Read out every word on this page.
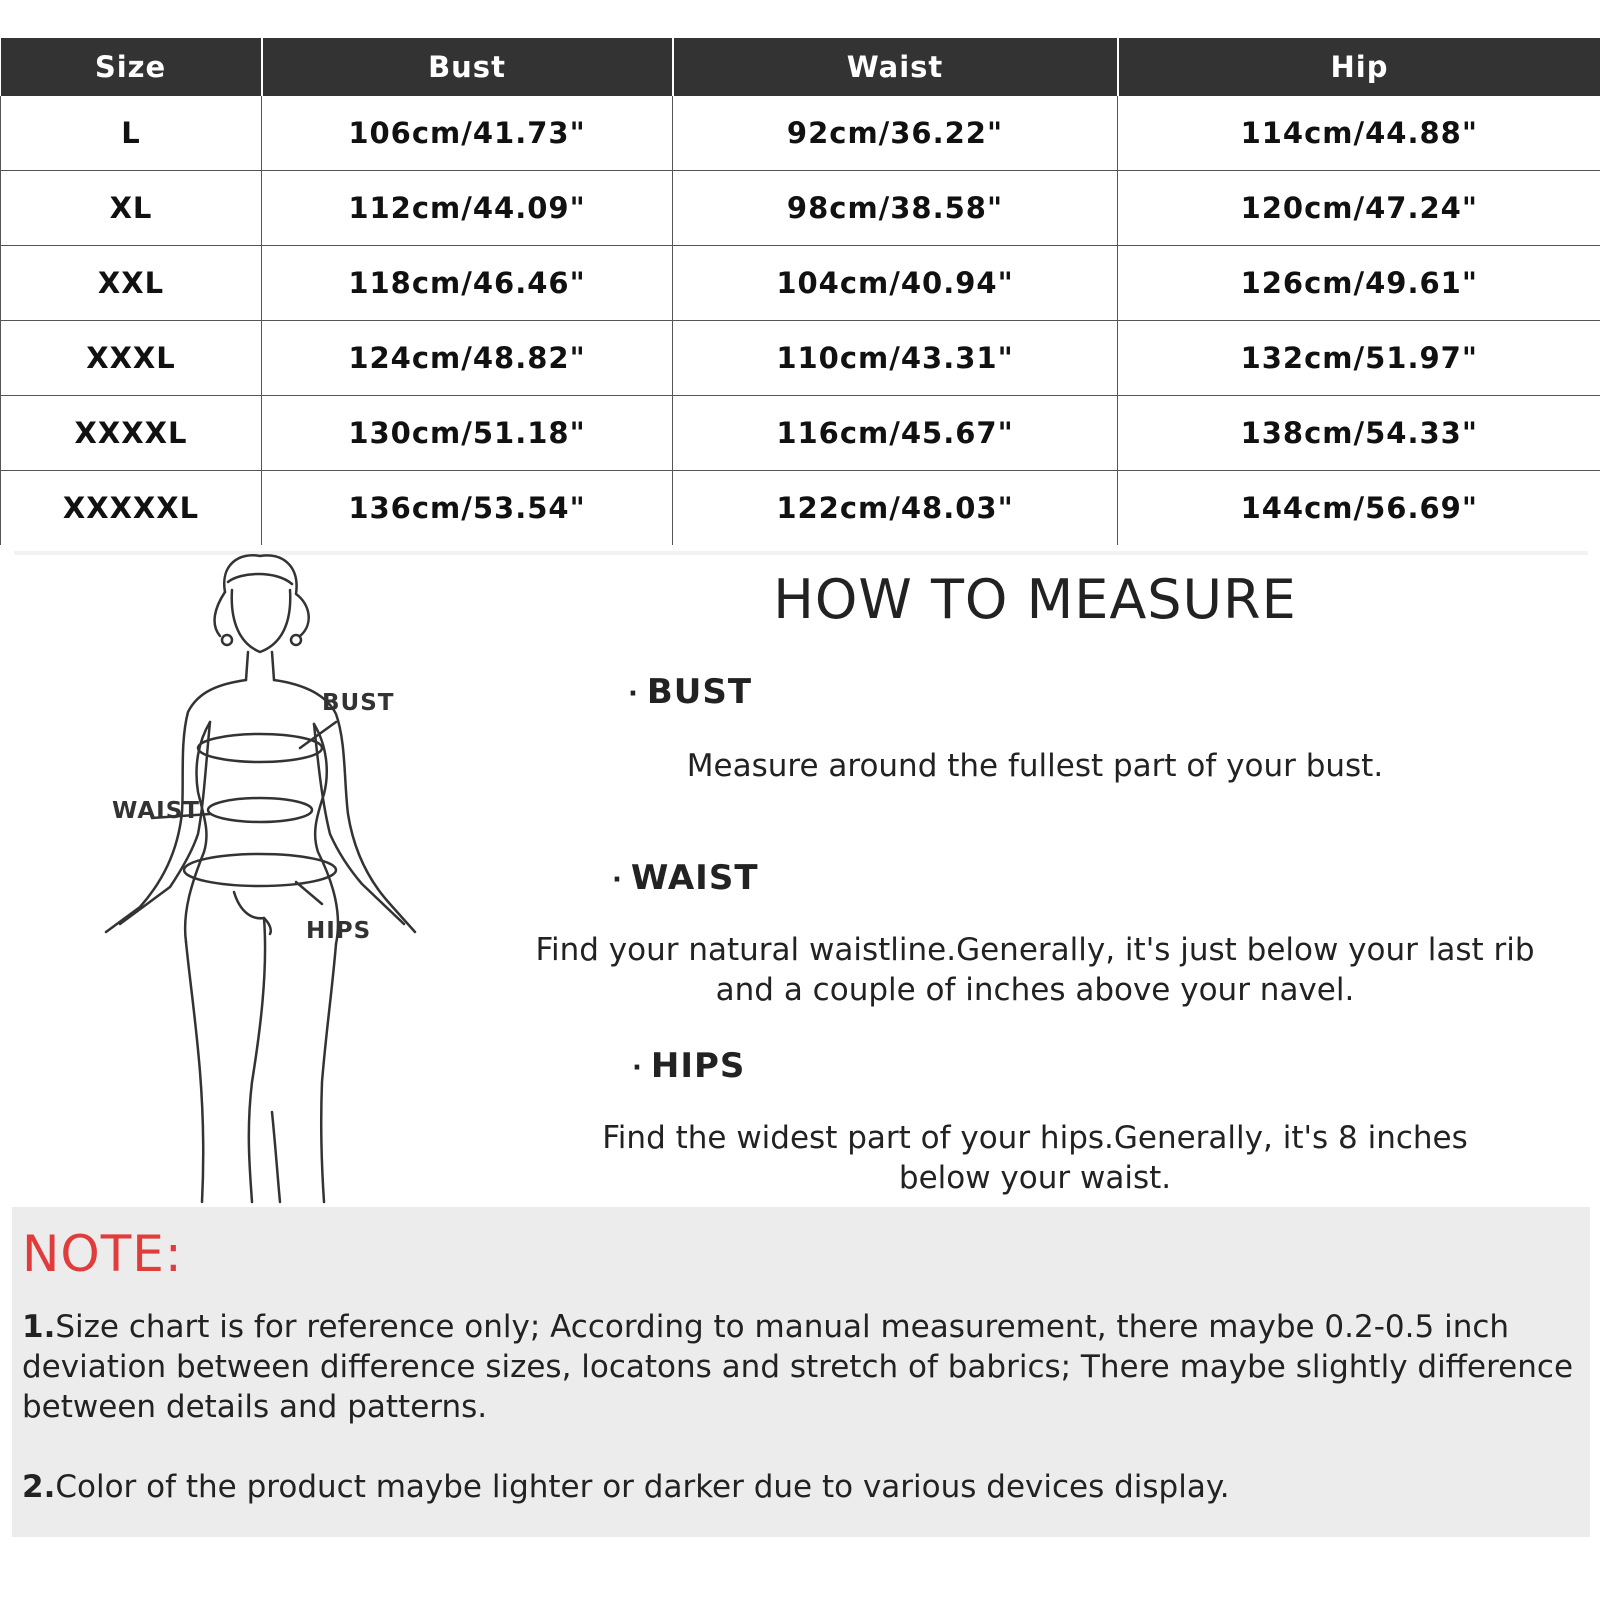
Size	Bust	Waist	Hip
L	106cm/41.73"	92cm/36.22"	114cm/44.88"
XL	112cm/44.09"	98cm/38.58"	120cm/47.24"
XXL	118cm/46.46"	104cm/40.94"	126cm/49.61"
XXXL	124cm/48.82"	110cm/43.31"	132cm/51.97"
XXXXL	130cm/51.18"	116cm/45.67"	138cm/54.33"
XXXXXL	136cm/53.54"	122cm/48.03"	144cm/56.69"
BUST
WAIST
HIPS
HOW TO MEASURE
· BUST

Measure around the fullest part of your bust.

· WAIST

Find your natural waistline.Generally, it's just below your last rib and a couple of inches above your navel.

· HIPS

Find the widest part of your hips.Generally, it's 8 inches below your waist.

NOTE:

1.Size chart is for reference only; According to manual measurement, there maybe 0.2-0.5 inch deviation between difference sizes, locatons and stretch of babrics; There maybe slightly difference between details and patterns.

2.Color of the product maybe lighter or darker due to various devices display.
